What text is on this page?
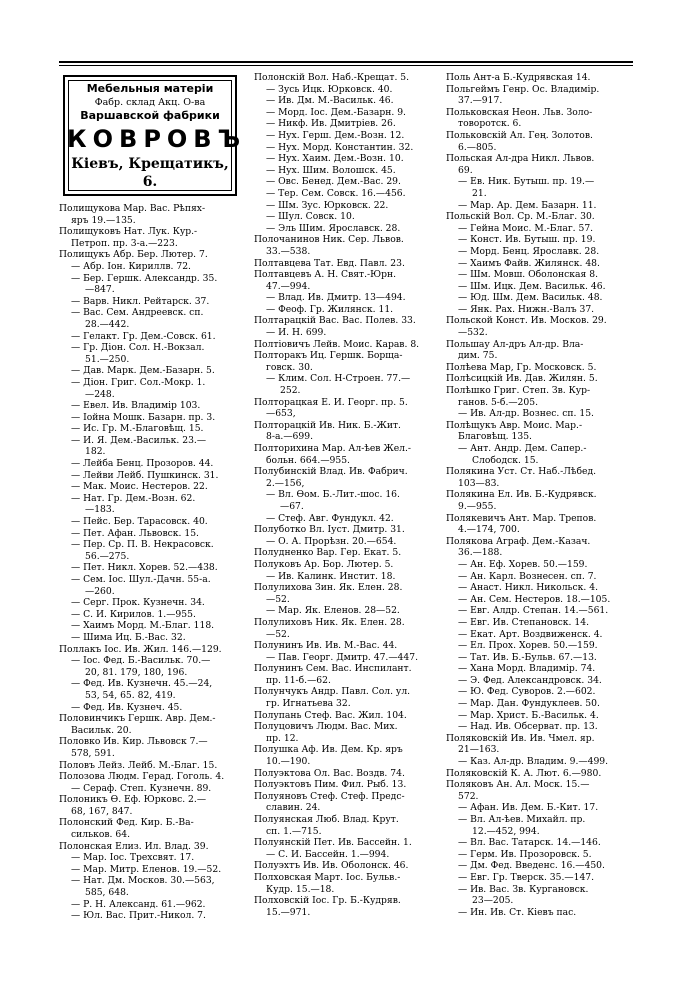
Мебельныя матеріи
Фабр. склад Акц. О-ва
Варшавской фабрики
КОВРОВЪ
Кіевъ, Крещатикъ, 6.
Полищукова Мар. Вас. Рѣпях-
яръ 19.—135.
Полищуковъ Нат. Лук. Кур.-
Петроп. пр. 3-а.—223.
Полищукъ Абр. Бер. Лютер. 7.
— Абр. Іон. Кириллв. 72.
— Бер. Гершк. Александр. 35.
—847.
— Варв. Никл. Рейтарск. 37.
— Вас. Сем. Андреевск. сп.
28.—442.
— Гелакт. Гр. Дем.-Совск. 61.
— Гр. Діон. Сол. Н.-Вокзал.
51.—250.
— Дав. Марк. Дем.-Базарн. 5.
— Діон. Григ. Сол.-Мокр. 1.
—248.
— Евел. Ив. Владимір 103.
— Іойна Мошк. Базарн. пр. 3.
— Ис. Гр. М.-Благовѣщ. 15.
— И. Я. Дем.-Васильк. 23.—
182.
— Лейба Бенц. Прозоров. 44.
— Лейви Лейб. Пушкинск. 31.
— Мак. Моис. Нестеров. 22.
— Нат. Гр. Дем.-Возн. 62.
—183.
— Пейс. Бер. Тарасовск. 40.
— Пет. Афан. Львовск. 15.
— Пер. Ср. П. В. Некрасовск.
56.—275.
— Пет. Никл. Хорев. 52.—438.
— Сем. Іос. Шул.-Дачн. 55-а.
—260.
— Серг. Прок. Кузнечн. 34.
— С. И. Кирилов. 1.—955.
— Хаимъ Морд. М.-Благ. 118.
— Шима Иц. Б.-Вас. 32.
Поллакъ Іос. Ив. Жил. 146.—129.
— Іос. Фед. Б.-Васильк. 70.—
20, 81. 179, 180, 196.
— Фед. Ив. Кузнечн. 45.—24,
53, 54, 65. 82, 419.
— Фед. Ив. Кузнеч. 45.
Половинчикъ Гершк. Авр. Дем.-
Васильк. 20.
Половко Ив. Кир. Львовск 7.—
578, 591.
Половъ Лейз. Лейб. М.-Благ. 15.
Полозова Людм. Герад. Гоголь. 4.
— Сераф. Степ. Кузнечн. 89.
Полоникъ Ө. Еф. Юрковс. 2.—
68, 167, 847.
Полонский Фед. Кир. Б.-Ва-
сильков. 64.
Полонская Елиз. Ил. Влад. 39.
— Мар. Іос. Трехсвят. 17.
— Мар. Митр. Еленов. 19.—52.
— Нат. Дм. Москов. 30.—563,
585, 648.
— Р. Н. Александ. 61.—962.
— Юл. Вас. Прит.-Никол. 7.
Полонскій Вол. Наб.-Крещат. 5.
— Зусь Ицк. Юрковск. 40.
— Ив. Дм. М.-Васильк. 46.
— Морд. Іос. Дем.-Базарн. 9.
— Никф. Ив. Дмитріев. 26.
— Нух. Герш. Дем.-Возн. 12.
— Нух. Морд. Константин. 32.
— Нух. Хаим. Дем.-Возн. 10.
— Нух. Шим. Волошск. 45.
— Овс. Бенед. Дем.-Вас. 29.
— Тер. Сем. Совск. 16.—456.
— Шм. Зус. Юрковск. 22.
— Шул. Совск. 10.
— Эль Шим. Ярославск. 28.
Полочанинов Ник. Сер. Львов.
33.—538.
Полтавцева Тат. Евд. Павл. 23.
Полтавцевъ А. Н. Свят.-Юрн.
47.—994.
— Влад. Ив. Дмитр. 13—494.
— Феоф. Гр. Жилянск. 11.
Полтарацкій Вас. Вас. Полев. 33.
— И. Н. 699.
Полтіовичъ Лейв. Моис. Карав. 8.
Полторакъ Иц. Гершк. Борща-
говск. 30.
— Клим. Сол. Н-Строен. 77.—
252.
Полторацкая Е. И. Георг. пр. 5.
—653,
Полторацкій Ив. Ник. Б.-Жит.
8-а.—699.
Полторихина Мар. Ал-ѣев Жел.-
больн. 664.—955.
Полубинскій Влад. Ив. Фабрич.
2.—156,
— Вл. Ѳом. Б.-Лит.-шос. 16.
—67.
— Стеф. Авг. Фундукл. 42.
Полуботкo Вл. Іуст. Дмитр. 31.
— О. А. Прорѣзн. 20.—654.
Полудненко Вар. Гер. Екат. 5.
Полуковъ Ар. Бор. Лютер. 5.
— Ив. Калинк. Инстит. 18.
Полулихова Зин. Як. Елен. 28.
—52.
— Мар. Як. Еленов. 28—52.
Полулиховъ Ник. Як. Елен. 28.
—52.
Полунинъ Ив. Ив. М.-Вас. 44.
— Пав. Георг. Дмитр. 47.—447.
Полунинъ Сем. Вас. Инспилант.
пр. 11-б.—62.
Полунчукъ Андр. Павл. Сол. ул.
гр. Игнатьева 32.
Полупань Стеф. Вас. Жил. 104.
Полуцовичъ Людм. Вас. Мих.
пр. 12.
Полушка Аф. Ив. Дем. Кр. яръ
10.—190.
Полуэктова Ол. Вас. Воздв. 74.
Полуэктовъ Пим. Фил. Рыб. 13.
Полуяновъ Стеф. Стеф. Предс-
славин. 24.
Полуянская Люб. Влад. Крут.
сп. 1.—715.
Полуянскій Пет. Ив. Бассейн. 1.
— С. И. Бассейн. 1.—994.
Полуэхтъ Ив. Ив. Оболонск. 46.
Полховская Март. Іос. Бульв.-
Кудр. 15.—18.
Полховскій Іос. Гр. Б.-Кудряв.
15.—971.
Поль Ант-а Б.-Кудрявская 14.
Польгеймъ Генр. Ос. Владимір.
37.—917.
Польковская Неон. Льв. Золо-
товоротск. 6.
Польковскій Ал. Гең. Золотов.
6.—805.
Польская Ал-дра Никл. Львов.
69.
— Ев. Ник. Бутыш. пр. 19.—
21.
— Мар. Ар. Дем. Базарн. 11.
Польскій Вол. Ср. М.-Благ. 30.
— Гейна Моис. М.-Благ. 57.
— Конст. Ив. Бутыш. пр. 19.
— Морд. Бенц. Ярославк. 28.
— Хаимъ Файв. Жилянск. 48.
— Шм. Мовш. Оболонская 8.
— Шм. Ицк. Дем. Васильк. 46.
— Юд. Шм. Дем. Васильк. 48.
— Янк. Рах. Нижн.-Валъ 37.
Польской Конст. Ив. Москов. 29.
—532.
Польшау Ал-дръ Ал-др. Вла-
дим. 75.
Полѣева Мар, Гр. Московск. 5.
Полѣсицкій Ив. Дав. Жилян. 5.
Полѣшко Григ. Степ. Зв. Кур-
ганов. 5-б.—205.
— Ив. Ал-др. Вознес. сп. 15.
Полѣщукъ Авр. Моис. Мар.-
Благовѣщ. 135.
— Ант. Андр. Дем. Сапер.-
Слободск. 15.
Полякина Уст. Ст. Наб.-Лѣбед.
103—83.
Полякина Ел. Ив. Б.-Кудрявск.
9.—955.
Полякевичъ Ант. Мар. Трепов.
4.—174, 700.
Полякова Аграф. Дем.-Казач.
36.—188.
— Ан. Еф. Хорев. 50.—159.
— Ан. Карл. Вознесен. сп. 7.
— Анаст. Никл. Никольск. 4.
— Ан. Сем. Нестеров. 18.—105.
— Евг. Алдр. Степан. 14.—561.
— Евг. Ив. Степановск. 14.
— Екат. Арт. Воздвиженск. 4.
— Ел. Прох. Хорев. 50.—159.
— Тат. Ив. Б.-Бульв. 67.—13.
— Хана Морд. Владимір. 74.
— Э. Фед. Александровск. 34.
— Ю. Фед. Суворов. 2.—602.
— Мар. Дан. Фундуклеев. 50.
— Мар. Христ. Б.-Васильк. 4.
— Над. Ив. Обсерват. пр. 13.
Поляковскій Ив. Ив. Чмел. яр.
21—163.
— Каз. Ал-др. Владим. 9.—499.
Поляковскій К. А. Лют. 6.—980.
Поляковъ Ан. Ал. Моск. 15.—
572.
— Афан. Ив. Дем. Б.-Кит. 17.
— Вл. Ал-ѣев. Михайл. пр.
12.—452, 994.
— Вл. Вас. Татарск. 14.—146.
— Герм. Ив. Прозоровск. 5.
— Дм. Фед. Введенс. 16.—450.
— Евг. Гр. Тверск. 35.—147.
— Ив. Вас. Зв. Кургановск.
23—205.
— Ин. Ив. Ст. Кіевъ пас.
